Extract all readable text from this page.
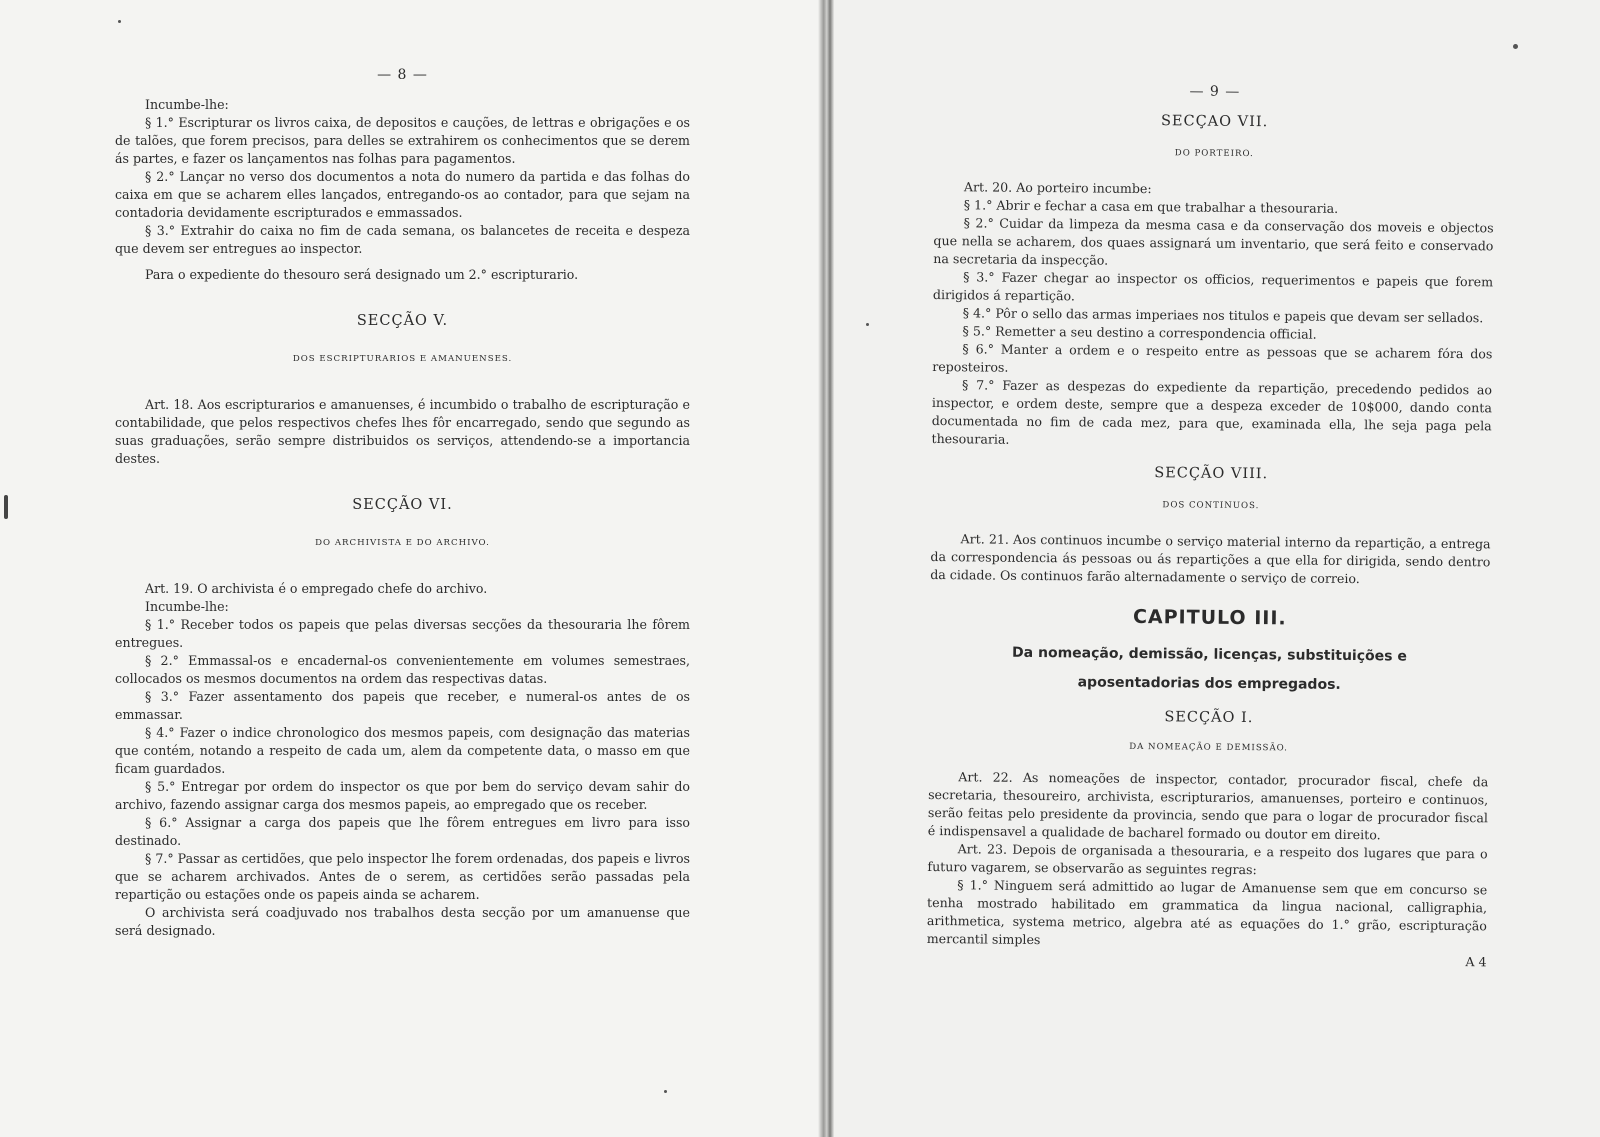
— 8 —

Incumbe-lhe:

§ 1.° Escripturar os livros caixa, de depositos e cauções, de lettras e obrigações e os de talões, que forem precisos, para delles se extrahirem os conhecimentos que se derem ás partes, e fazer os lançamentos nas folhas para pagamentos.

§ 2.° Lançar no verso dos documentos a nota do numero da partida e das folhas do caixa em que se acharem elles lançados, entregando-os ao contador, para que sejam na contadoria devidamente escripturados e emmassados.

§ 3.° Extrahir do caixa no fim de cada semana, os balancetes de receita e despeza que devem ser entregues ao inspector.

Para o expediente do thesouro será designado um 2.° escripturario.

SECÇÃO V.
DOS ESCRIPTURARIOS E AMANUENSES.

Art. 18. Aos escripturarios e amanuenses, é incumbido o trabalho de escripturação e contabilidade, que pelos respectivos chefes lhes fôr encarregado, sendo que segundo as suas graduações, serão sempre distribuidos os serviços, attendendo-se a importancia destes.

SECÇÃO VI.
DO ARCHIVISTA E DO ARCHIVO.

Art. 19. O archivista é o empregado chefe do archivo.

Incumbe-lhe:

§ 1.° Receber todos os papeis que pelas diversas secções da thesouraria lhe fôrem entregues.

§ 2.° Emmassal-os e encadernal-os convenientemente em volumes semestraes, collocados os mesmos documentos na ordem das respectivas datas.

§ 3.° Fazer assentamento dos papeis que receber, e numeral-os antes de os emmassar.

§ 4.° Fazer o indice chronologico dos mesmos papeis, com designação das materias que contém, notando a respeito de cada um, alem da competente data, o masso em que ficam guardados.

§ 5.° Entregar por ordem do inspector os que por bem do serviço devam sahir do archivo, fazendo assignar carga dos mesmos papeis, ao empregado que os receber.

§ 6.° Assignar a carga dos papeis que lhe fôrem entregues em livro para isso destinado.

§ 7.° Passar as certidões, que pelo inspector lhe forem ordenadas, dos papeis e livros que se acharem archivados. Antes de o serem, as certidões serão passadas pela repartição ou estações onde os papeis ainda se acharem.

O archivista será coadjuvado nos trabalhos desta secção por um amanuense que será designado.

— 9 —
SECÇAO VII.
DO PORTEIRO.

Art. 20. Ao porteiro incumbe:

§ 1.° Abrir e fechar a casa em que trabalhar a thesouraria.

§ 2.° Cuidar da limpeza da mesma casa e da conservação dos moveis e objectos que nella se acharem, dos quaes assignará um inventario, que será feito e conservado na secretaria da inspecção.

§ 3.° Fazer chegar ao inspector os officios, requerimentos e papeis que forem dirigidos á repartição.

§ 4.° Pôr o sello das armas imperiaes nos titulos e papeis que devam ser sellados.

§ 5.° Remetter a seu destino a correspondencia official.

§ 6.° Manter a ordem e o respeito entre as pessoas que se acharem fóra dos reposteiros.

§ 7.° Fazer as despezas do expediente da repartição, precedendo pedidos ao inspector, e ordem deste, sempre que a despeza exceder de 10$000, dando conta documentada no fim de cada mez, para que, examinada ella, lhe seja paga pela thesouraria.

SECÇÃO VIII.
DOS CONTINUOS.

Art. 21. Aos continuos incumbe o serviço material interno da repartição, a entrega da correspondencia ás pessoas ou ás repartições a que ella for dirigida, sendo dentro da cidade. Os continuos farão alternadamente o serviço de correio.

CAPITULO III.
Da nomeação, demissão, licenças, substituições e
aposentadorias dos empregados.
SECÇÃO I.
DA NOMEAÇÃO E DEMISSÃO.

Art. 22. As nomeações de inspector, contador, procurador fiscal, chefe da secretaria, thesoureiro, archivista, escripturarios, amanuenses, porteiro e continuos, serão feitas pelo presidente da provincia, sendo que para o logar de procurador fiscal é indispensavel a qualidade de bacharel formado ou doutor em direito.

Art. 23. Depois de organisada a thesouraria, e a respeito dos lugares que para o futuro vagarem, se observarão as seguintes regras:

§ 1.° Ninguem será admittido ao lugar de Amanuense sem que em concurso se tenha mostrado habilitado em grammatica da lingua nacional, calligraphia, arithmetica, systema metrico, algebra até as equações do 1.° grão, escripturação mercantil simples

A 4
